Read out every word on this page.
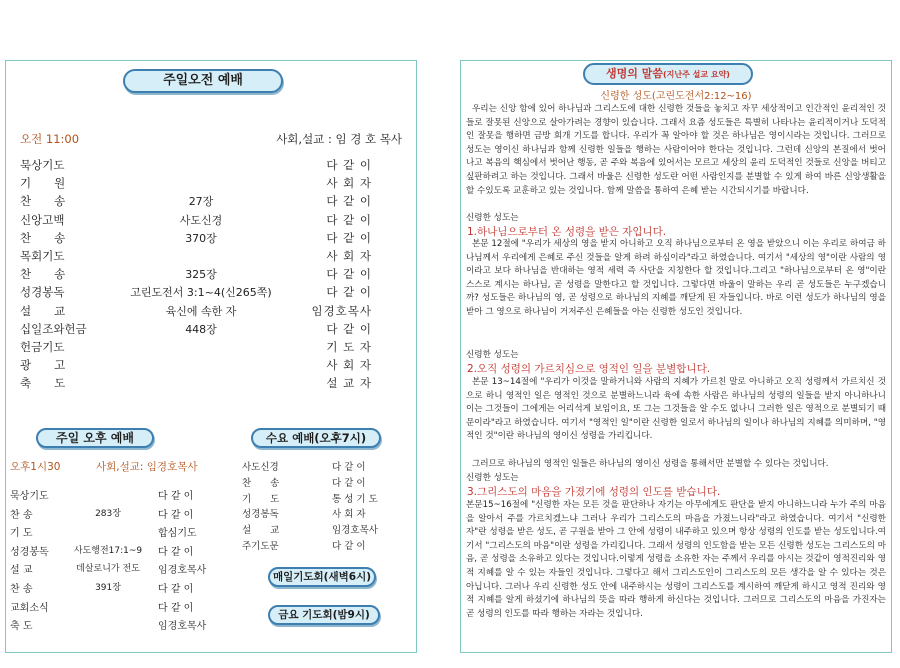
주일오전 예배
오전 11:00	사회,설교 : 임 경 호 목사
묵상기도	다 같 이
기　　원	사 회 자
찬　　송	27장	다 같 이
신앙고백	사도신경	다 같 이
찬　　송	370장	다 같 이
목회기도	사 회 자
찬　　송	325장	다 같 이
성경봉독	고린도전서 3:1~4(신265쪽)	다 같 이
설　　교	육신에 속한 자	임경호목사
십일조와헌금	448장	다 같 이
헌금기도	기 도 자
광　　고	사 회 자
축　　도	설 교 자
주일 오후 예배	수요 예배(오후7시)
오후1시30	사회,설교: 임경호목사
묵상기도	다 같 이
찬 송	283장	다 같 이
기 도	합심기도
성경봉독	사도행전17:1~9	다 같 이
설 교	데살로니가 전도	임경호목사
찬 송	391장	다 같 이
교회소식	다 같 이
축 도	임경호목사
사도신경	다 같 이
찬　　송	다 같 이
기　　도	통 성 기 도
성경봉독	사 회 자
설　　교	임경호목사
주기도문	다 같 이
매일기도회(새벽6시)
금요 기도회(밤9시)
생명의 말씀(지난주 설교 요약)
신령한 성도(고린도전서2:12~16)
우리는 신앙 함에 있어 하나님과 그리스도에 대한 신령한 것들을 놓치고 자꾸 세상적이고 인간적인 윤리적인 것들로 잘못된 신앙으로 살아가려는 경향이 있습니다. 그래서 요즘 성도들은 특별히 나타나는 윤리적이거나 도덕적인 잘못을 행하면 금방 회개 기도를 합니다. 우리가 꼭 알아야 할 것은 하나님은 영이시라는 것입니다. 그러므로 성도는 영이신 하나님과 함께 신령한 일들을 행하는 사람이어야 한다는 것입니다. 그런데 신앙의 본질에서 벗어나고 복음의 핵심에서 벗어난 행동, 곧 주와 복음에 있어서는 모르고 세상의 윤리 도덕적인 것들로 신앙을 버티고 싶판하려고 하는 것입니다. 그래서 바울은 신령한 성도란 어떤 사람인지를 분별할 수 있게 하여 바른 신앙생활을 할 수있도록 교훈하고 있는 것입니다. 함께 말씀을 통하여 은혜 받는 시간되시기를 바랍니다.
신령한 성도는
1.하나님으로부터 온 성령을 받은 자입니다.
본문 12절에 "우리가 세상의 영을 받지 아니하고 오직 하나님으로부터 온 영을 받았으니 이는 우리로 하여금 하나님께서 우리에게 은혜로 주신 것들을 알게 하려 하심이라"라고 하였습니다. 여기서 "세상의 영"이란 사람의 영이라고 보다 하나님을 반대하는 영적 세력 즉 사단을 지칭한다 할 것입니다.그리고 "하나님으로부터 온 영"이란 스스로 계시는 하나님, 곧 성령을 말한다고 할 것입니다. 그렇다면 바울이 말하는 우리 곧 성도들은 누구겠습니까? 성도들은 하나님의 영, 곧 성령으로 하나님의 지혜를 깨닫게 된 자들입니다. 바로 이런 성도가 하나님의 영을 받아 그 영으로 하나님이 거저주신 은혜들을 아는 신령한 성도인 것입니다.
신령한 성도는
2.오직 성령의 가르치심으로 영적인 일을 분별합니다.
본문 13~14절에 "우리가 이것을 말하거니와 사람의 지혜가 가르친 말로 아니하고 오직 성령께서 가르치신 것으로 하니 영적인 일은 영적인 것으로 분별하느니라 육에 속한 사람은 하나님의 성령의 일들을 받지 아니하나니 이는 그것들이 그에게는 어리석게 보임이요, 또 그는 그것들을 알 수도 없나니 그러한 일은 영적으로 분별되기 때문이라"라고 하였습니다. 여기서 "영적인 일"이란 신령한 일로서 하나님의 일이나 하나님의 지혜를 의미하며, "영적인 것"이란 하나님의 영이신 성령을 가리킵니다.
그러므로 하나님의 영적인 일들은 하나님의 영이신 성령을 통해서만 분별할 수 있다는 것입니다.
신령한 성도는
3.그리스도의 마음을 가졌기에 성령의 인도를 받습니다.
본문15~16절에 "신령한 자는 모든 것을 판단하나 자기는 아무에게도 판단을 받지 아니하느니라 누가 주의 마음을 알아서 주를 가르치겠느냐 그러나 우리가 그리스도의 마음을 가졌느니라"라고 하였습니다. 여기서 "신령한 자"란 성령을 받은 성도, 곧 구원을 받아 그 안에 성령이 내주하고 있으며 항상 성령의 인도를 받는 성도입니다.여기서 "그리스도의 마음"이란 성령을 가리킵니다. 그래서 성령의 인도함을 받는 모든 신령한 성도는 그리스도의 마음, 곧 성령을 소유하고 있다는 것입니다.이렇게 성령을 소유한 자는 주께서 우리를 아시는 것같이 영적진리와 영적 지혜를 알 수 있는 자들인 것입니다. 그렇다고 해서 그리스도인이 그리스도의 모든 생각을 알 수 있다는 것은 아닙니다. 그러나 우리 신령한 성도 안에 내주하시는 성령이 그리스도를 계시하여 깨닫게 하시고 영적 진리와 영적 지혜를 알게 하셨기에 하나님의 뜻을 따라 행하게 하신다는 것입니다. 그러므로 그리스도의 마음을 가진자는 곧 성령의 인도를 따라 행하는 자라는 것입니다.
